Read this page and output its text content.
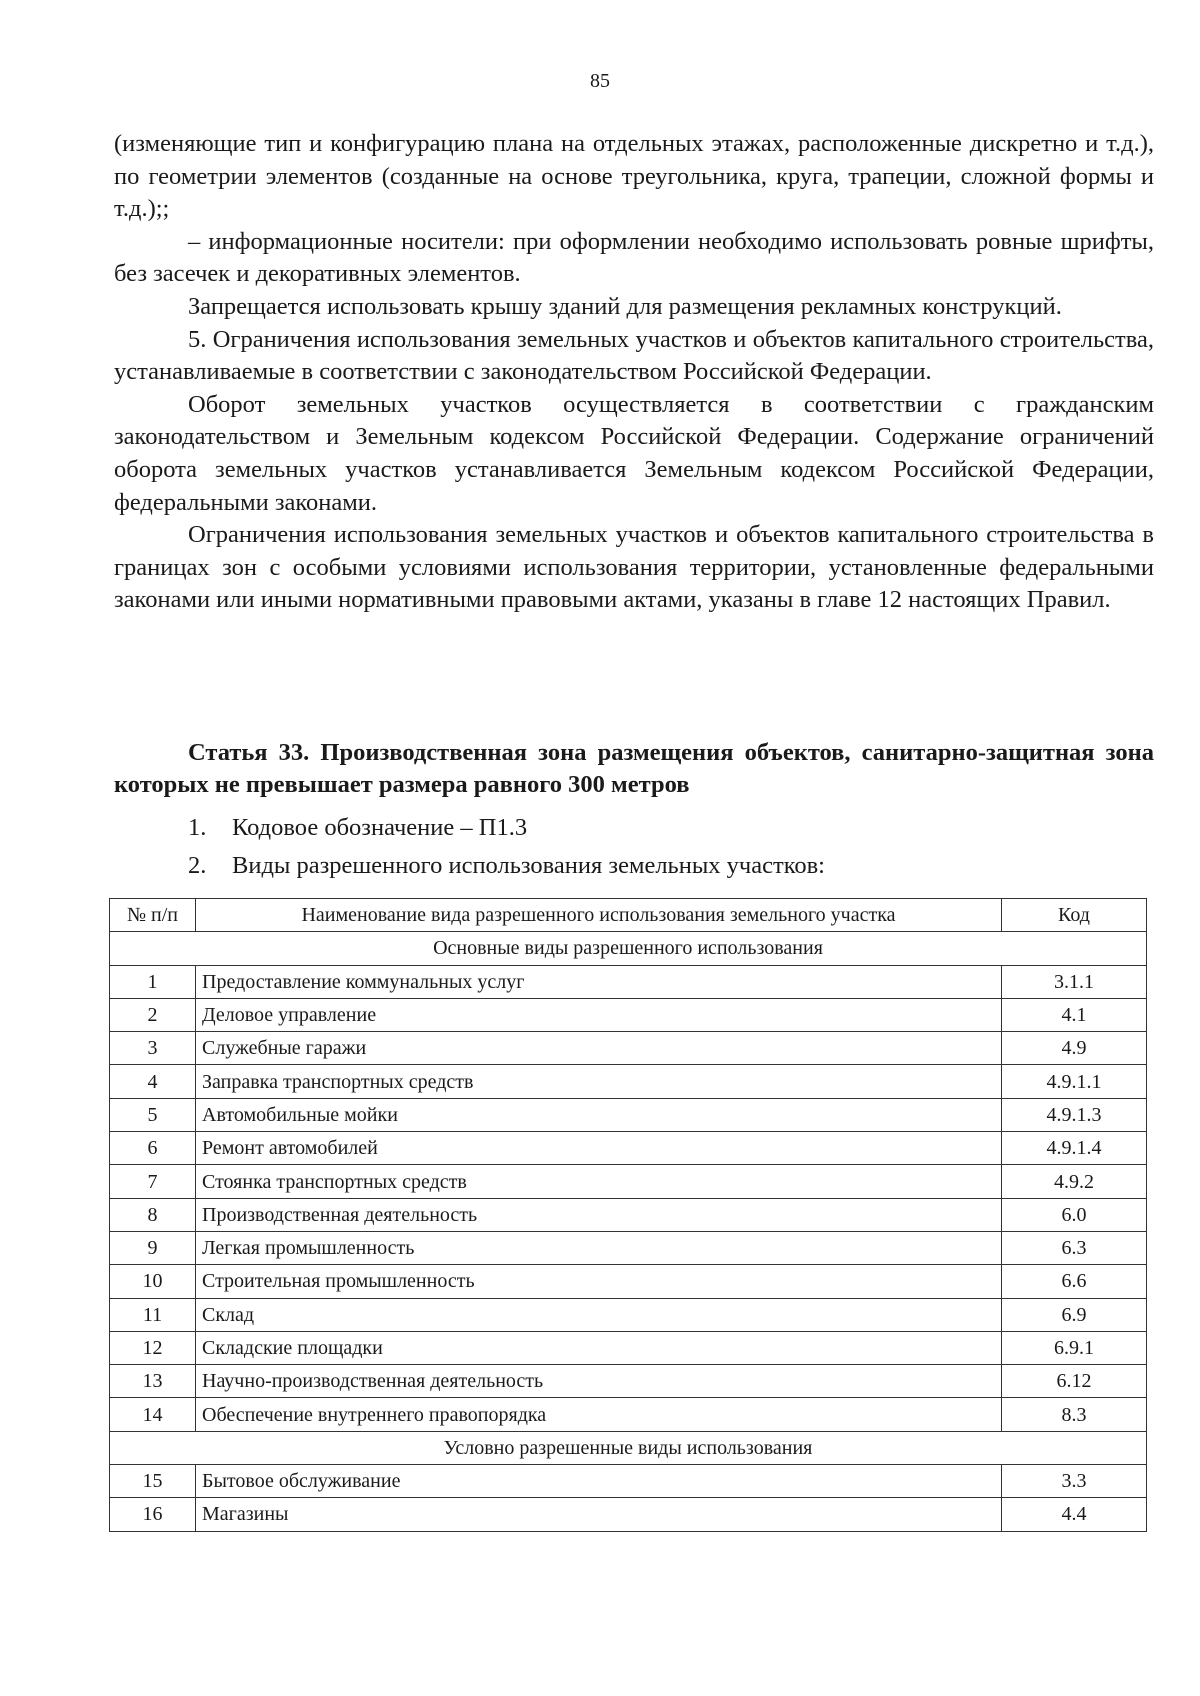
85

(изменяющие тип и конфигурацию плана на отдельных этажах, расположенные дискретно и т.д.), по геометрии элементов (созданные на основе треугольника, круга, трапеции, сложной формы и т.д.);;

– информационные носители: при оформлении необходимо использовать ровные шрифты, без засечек и декоративных элементов.

Запрещается использовать крышу зданий для размещения рекламных конструкций.

5. Ограничения использования земельных участков и объектов капитального строительства, устанавливаемые в соответствии с законодательством Российской Федерации.

Оборот земельных участков осуществляется в соответствии с гражданским законодательством и Земельным кодексом Российской Федерации. Содержание ограничений оборота земельных участков устанавливается Земельным кодексом Российской Федерации, федеральными законами.

Ограничения использования земельных участков и объектов капитального строительства в границах зон с особыми условиями использования территории, установленные федеральными законами или иными нормативными правовыми актами, указаны в главе 12 настоящих Правил.

Статья 33. Производственная зона размещения объектов, санитарно-защитная зона которых не превышает размера равного 300 метров
1.	Кодовое обозначение – П1.3
2.	Виды разрешенного использования земельных участков:
№ п/п	Наименование вида разрешенного использования земельного участка	Код
Основные виды разрешенного использования		
1	Предоставление коммунальных услуг	3.1.1
2	Деловое управление	4.1
3	Служебные гаражи	4.9
4	Заправка транспортных средств	4.9.1.1
5	Автомобильные мойки	4.9.1.3
6	Ремонт автомобилей	4.9.1.4
7	Стоянка транспортных средств	4.9.2
8	Производственная деятельность	6.0
9	Легкая промышленность	6.3
10	Строительная промышленность	6.6
11	Склад	6.9
12	Складские площадки	6.9.1
13	Научно-производственная деятельность	6.12
14	Обеспечение внутреннего правопорядка	8.3
Условно разрешенные виды использования		
15	Бытовое обслуживание	3.3
16	Магазины	4.4
